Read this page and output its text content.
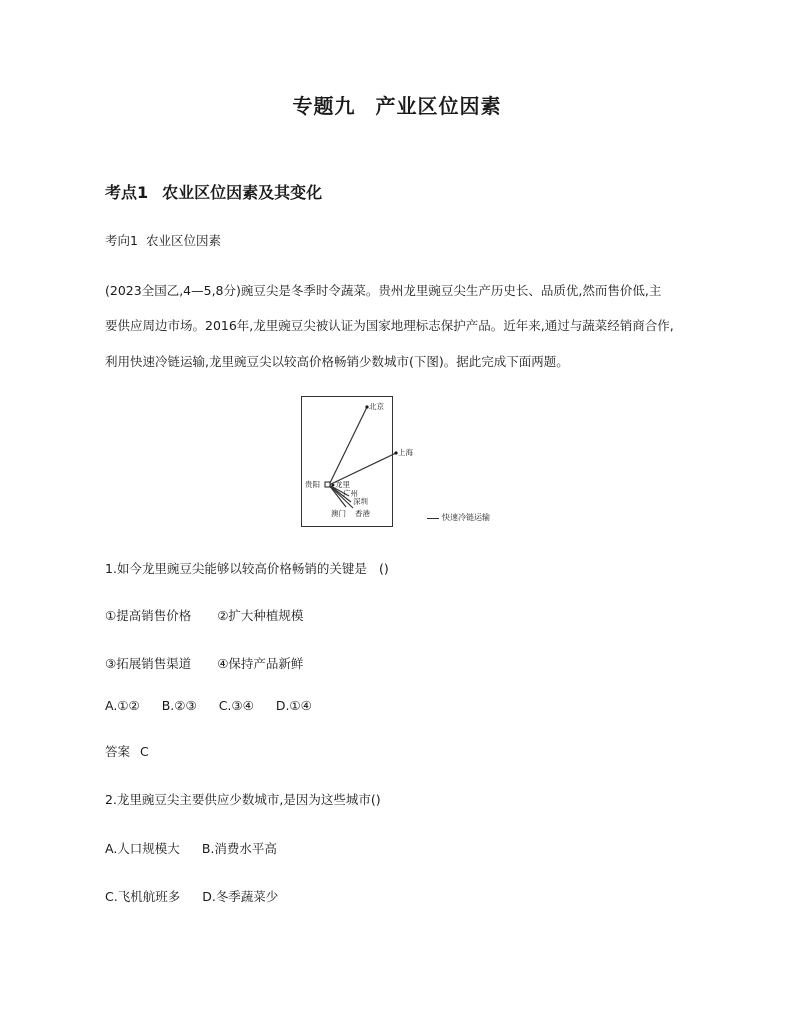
专题九 产业区位因素
考点1 农业区位因素及其变化
考向1 农业区位因素
(2023全国乙,4—5,8分)豌豆尖是冬季时令蔬菜。贵州龙里豌豆尖生产历史长、品质优,然而售价低,主
要供应周边市场。2016年,龙里豌豆尖被认证为国家地理标志保护产品。近年来,通过与蔬菜经销商合作,
利用快速冷链运输,龙里豌豆尖以较高价格畅销少数城市(下图)。据此完成下面两题。
北京
上海
贵阳 龙里
广州
深圳
澳门 香港	快速冷链运输
1.如今龙里豌豆尖能够以较高价格畅销的关键是 ()
①提高销售价格 ②扩大种植规模
③拓展销售渠道 ④保持产品新鲜
A.①② B.②③ C.③④ D.①④
答案 C
2.龙里豌豆尖主要供应少数城市,是因为这些城市()
A.人口规模大 B.消费水平高
C.飞机航班多 D.冬季蔬菜少
